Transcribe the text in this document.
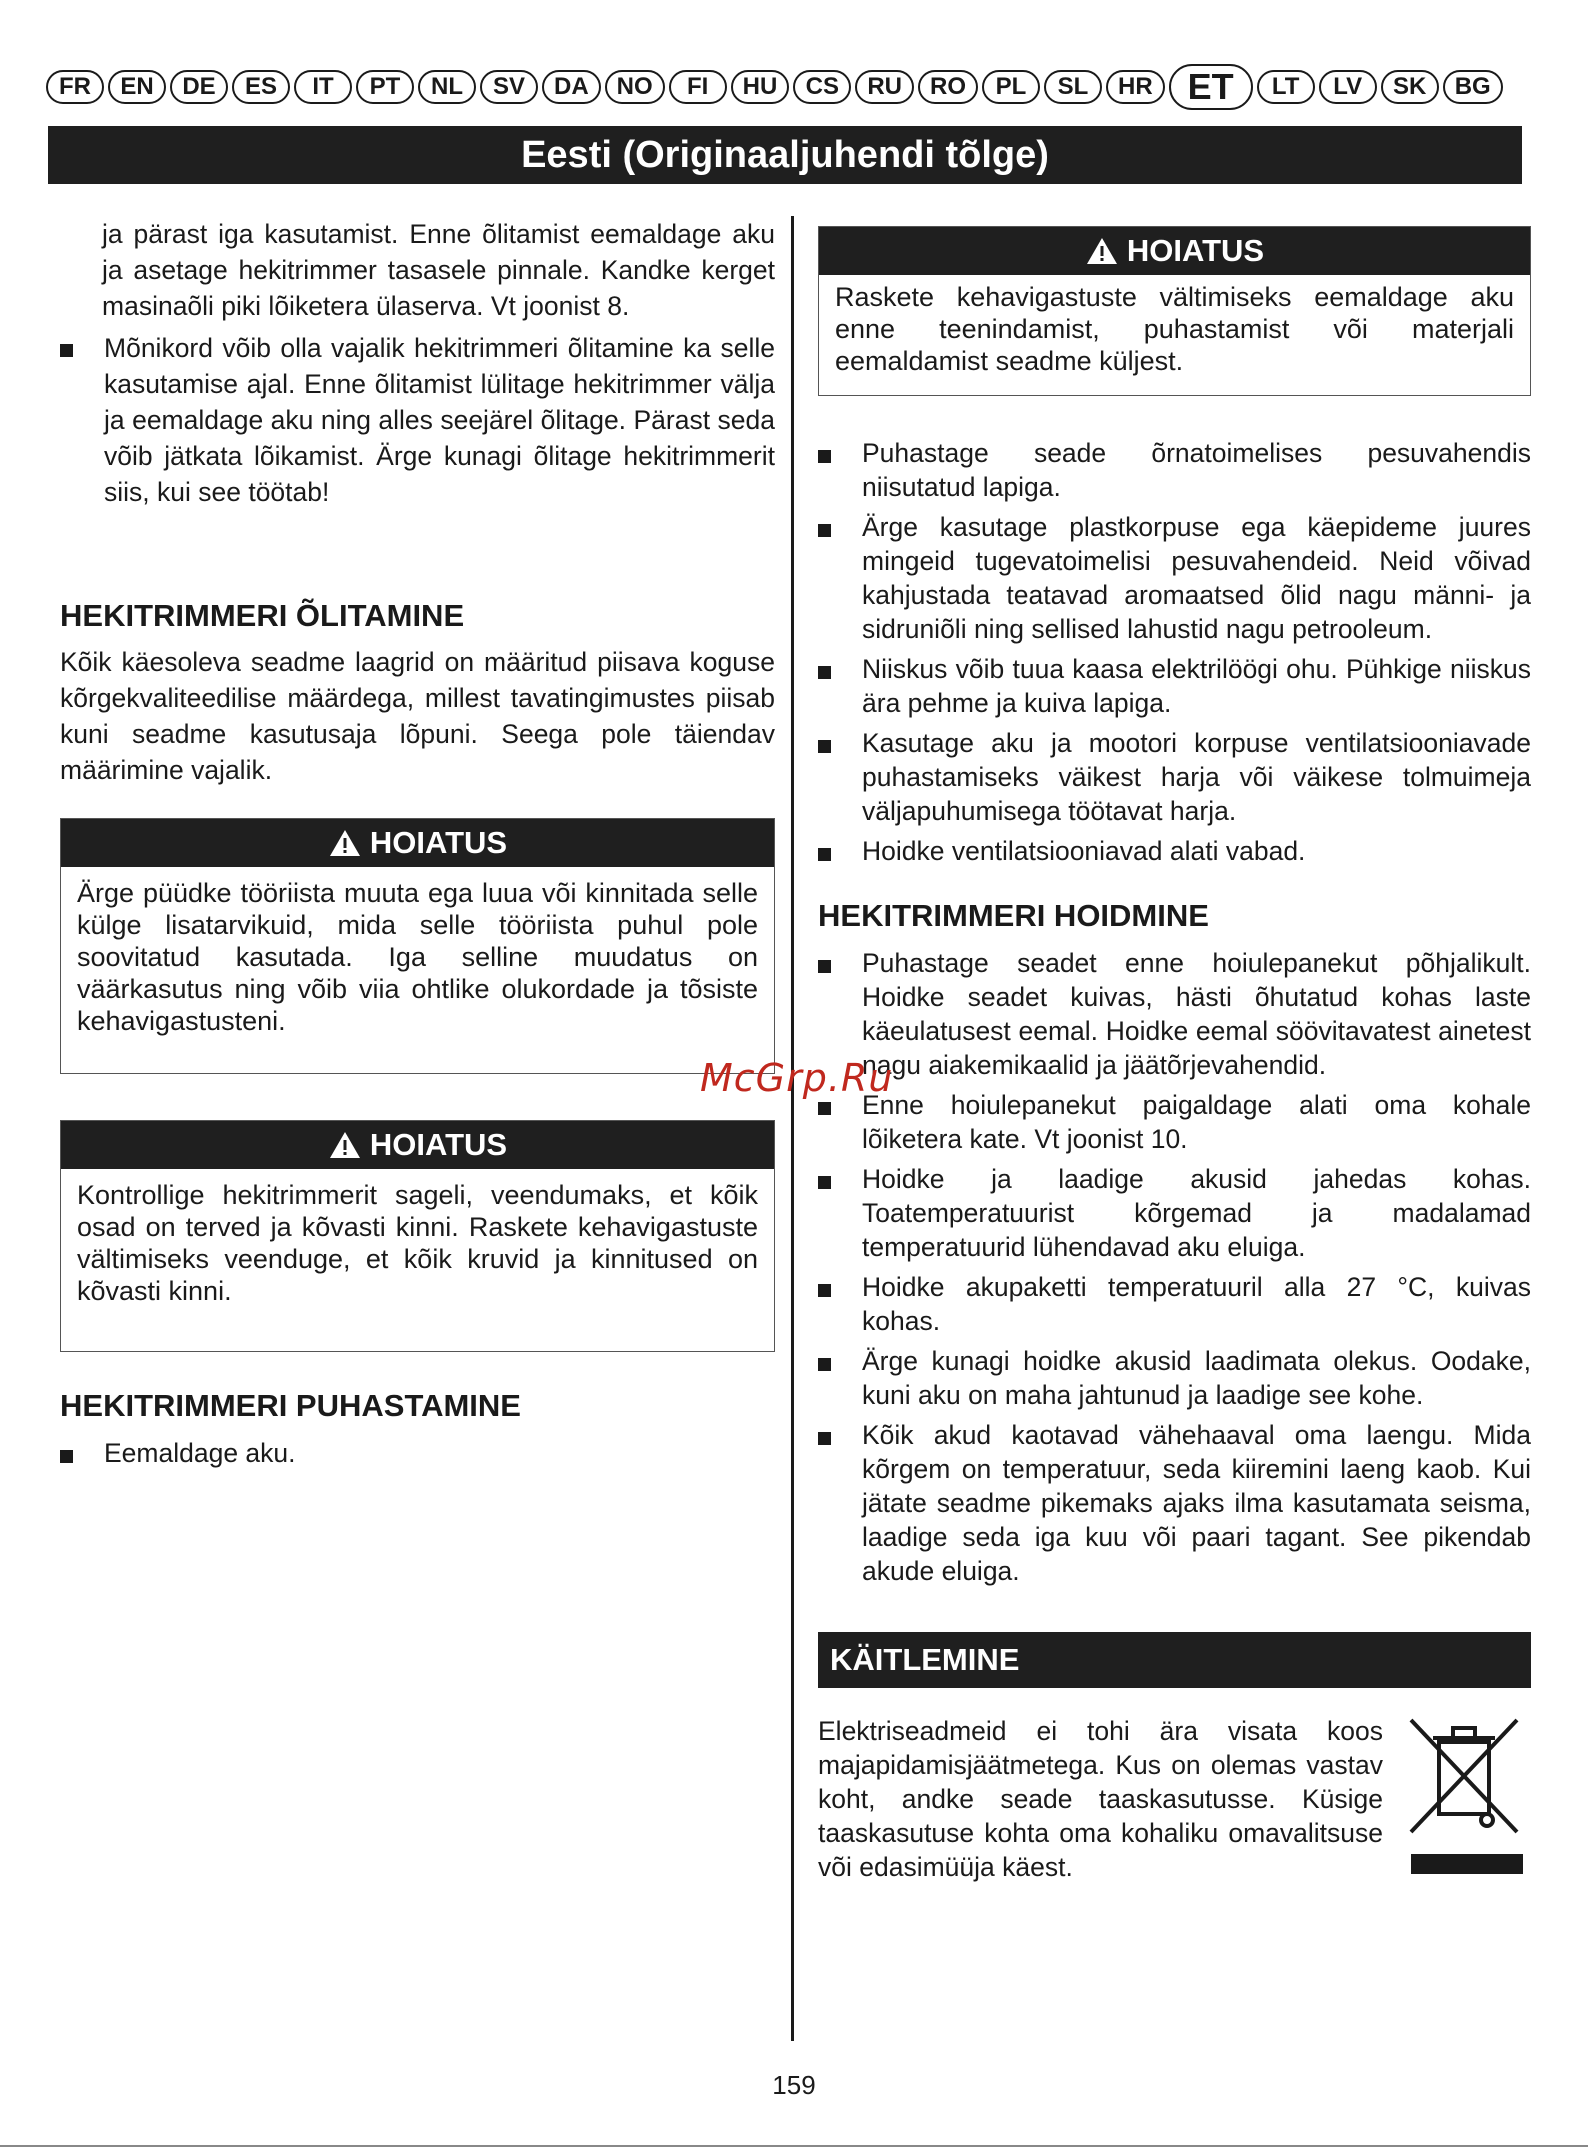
FR	EN	DE	ES	IT	PT	NL	SV	DA	NO	FI	HU	CS	RU	RO	PL	SL	HR ET	LT	LV	SK	BG
Eesti (Originaaljuhendi tõlge)

ja pärast iga kasutamist. Enne õlitamist eemaldage aku ja asetage hekitrimmer tasasele pinnale. Kandke kerget masinaõli piki lõiketera ülaserva. Vt joonist 8.

Mõnikord võib olla vajalik hekitrimmeri õlitamine ka selle kasutamise ajal. Enne õlitamist lülitage hekitrimmer välja ja eemaldage aku ning alles seejärel õlitage. Pärast seda võib jätkata lõikamist. Ärge kunagi õlitage hekitrimmerit siis, kui see töötab!
HEKITRIMMERI ÕLITAMINE

Kõik käesoleva seadme laagrid on määritud piisava koguse kõrgekvaliteedilise määrdega, millest tavatingimustes piisab kuni seadme kasutusaja lõpuni. Seega pole täiendav määrimine vajalik.

HOIATUS
Ärge püüdke tööriista muuta ega luua või kinnitada selle külge lisatarvikuid, mida selle tööriista puhul pole soovitatud kasutada. Iga selline muudatus on väärkasutus ning võib viia ohtlike olukordade ja tõsiste kehavigastusteni.
HOIATUS
Kontrollige hekitrimmerit sageli, veendumaks, et kõik osad on terved ja kõvasti kinni. Raskete kehavigastuste vältimiseks veenduge, et kõik kruvid ja kinnitused on kõvasti kinni.
HEKITRIMMERI PUHASTAMINE
Eemaldage aku.
HOIATUS
Raskete kehavigastuste vältimiseks eemaldage aku enne teenindamist, puhastamist või materjali eemaldamist seadme küljest.
Puhastage seade õrnatoimelises pesuvahendis niisutatud lapiga.
Ärge kasutage plastkorpuse ega käepideme juures mingeid tugevatoimelisi pesuvahendeid. Neid võivad kahjustada teatavad aromaatsed õlid nagu männi- ja sidruniõli ning sellised lahustid nagu petrooleum.
Niiskus võib tuua kaasa elektrilöögi ohu. Pühkige niiskus ära pehme ja kuiva lapiga.
Kasutage aku ja mootori korpuse ventilatsiooniavade puhastamiseks väikest harja või väikese tolmuimeja väljapuhumisega töötavat harja.
Hoidke ventilatsiooniavad alati vabad.
HEKITRIMMERI HOIDMINE
Puhastage seadet enne hoiulepanekut põhjalikult. Hoidke seadet kuivas, hästi õhutatud kohas laste käeulatusest eemal. Hoidke eemal söövitavatest ainetest nagu aiakemikaalid ja jäätõrjevahendid.
Enne hoiulepanekut paigaldage alati oma kohale lõiketera kate. Vt joonist 10.
Hoidke ja laadige akusid jahedas kohas. Toatemperatuurist kõrgemad ja madalamad temperatuurid lühendavad aku eluiga.
Hoidke akupaketti temperatuuril alla 27 °C, kuivas kohas.
Ärge kunagi hoidke akusid laadimata olekus. Oodake, kuni aku on maha jahtunud ja laadige see kohe.
Kõik akud kaotavad vähehaaval oma laengu. Mida kõrgem on temperatuur, seda kiiremini laeng kaob. Kui jätate seadme pikemaks ajaks ilma kasutamata seisma, laadige seda iga kuu või paari tagant. See pikendab akude eluiga.
KÄITLEMINE

Elektriseadmeid ei tohi ära visata koos majapidamisjäätmetega. Kus on olemas vastav koht, andke seade taaskasutusse. Küsige taaskasutuse kohta oma kohaliku omavalitsuse või edasimüüja käest.

McGrp.Ru
159
